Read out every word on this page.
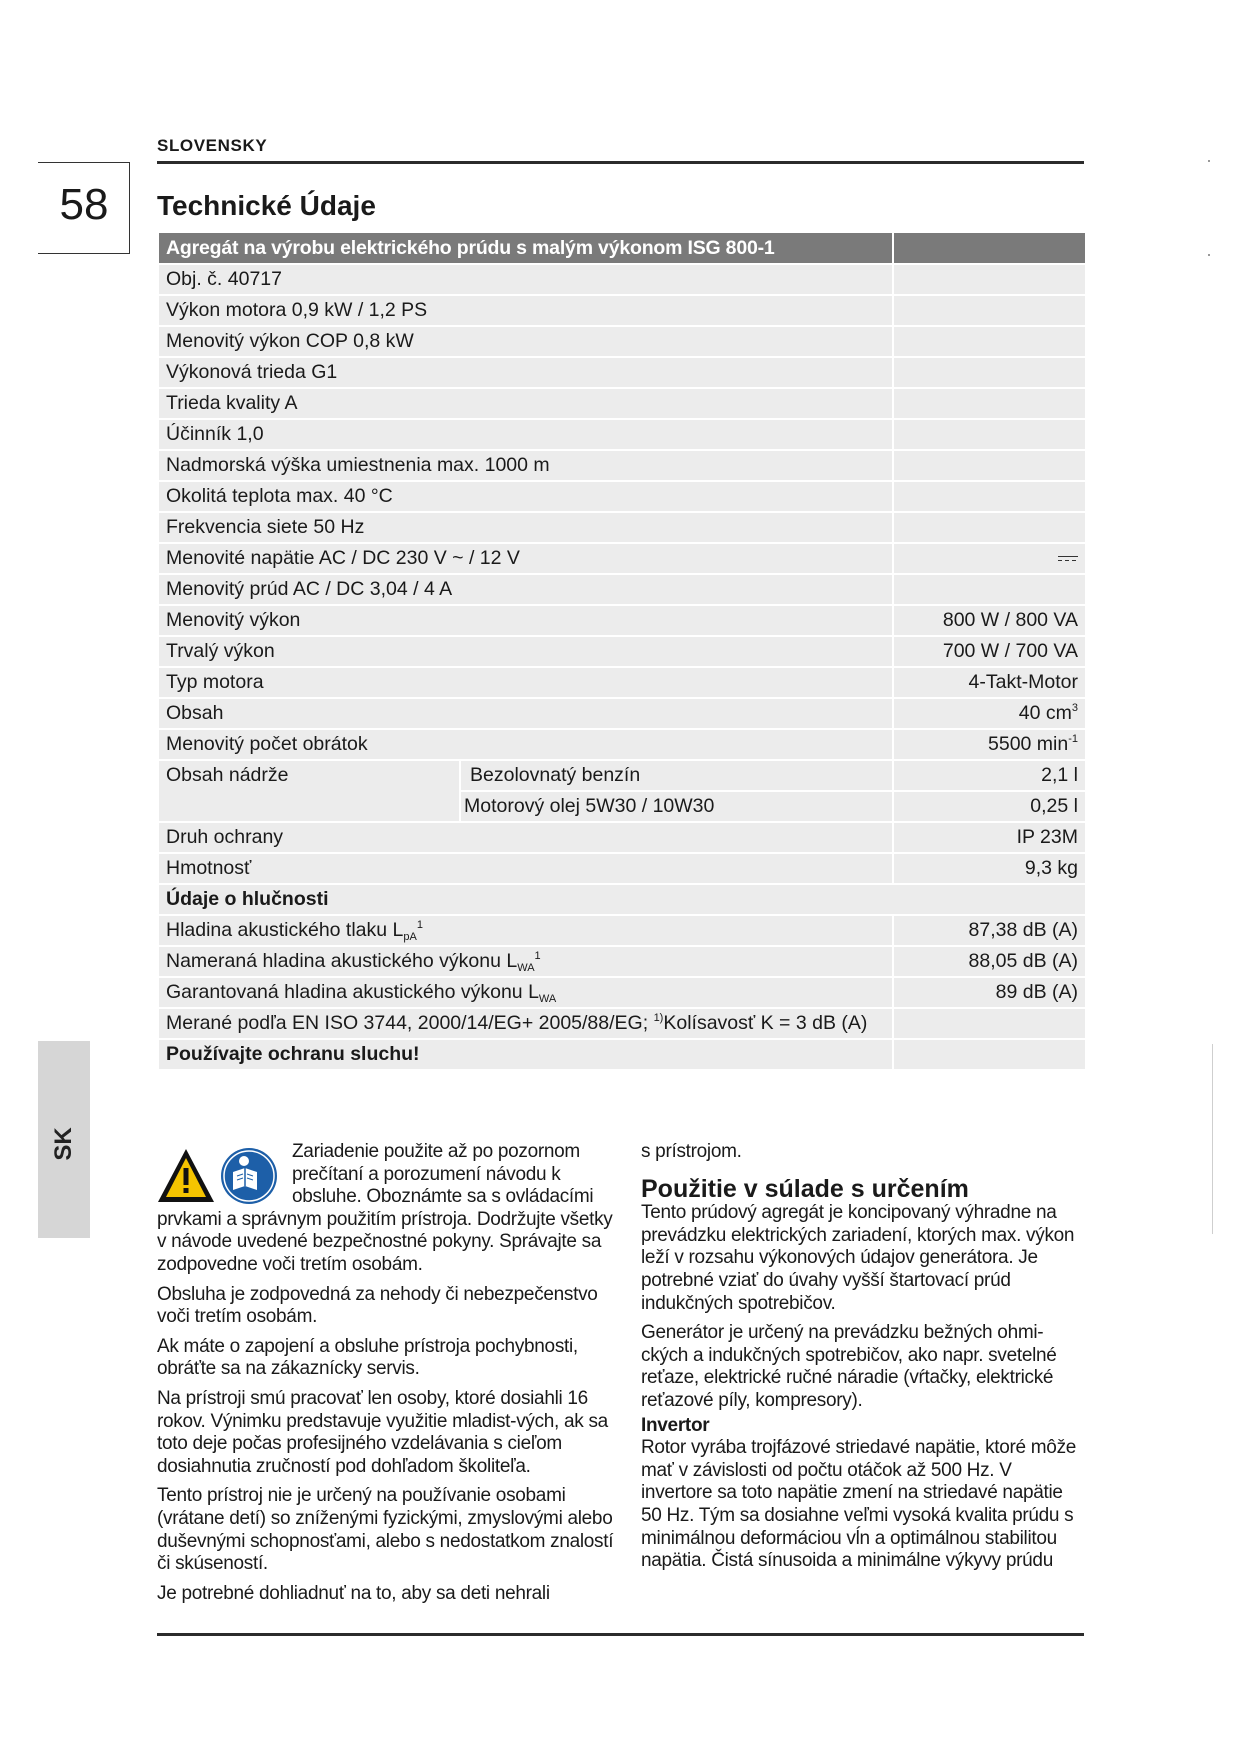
SLOVENSKY
58	Technické Údaje
Agregát na výrobu elektrického prúdu s malým výkonom ISG 800-1		
Obj. č. 40717		
Výkon motora 0,9 kW / 1,2 PS		
Menovitý výkon COP 0,8 kW		
Výkonová trieda G1		
Trieda kvality A		
Účinník 1,0		
Nadmorská výška umiestnenia max. 1000 m		
Okolitá teplota max. 40 °C		
Frekvencia siete 50 Hz		
Menovité napätie AC / DC 230 V ~ / 12 V		
Menovitý prúd AC / DC 3,04 / 4 A		
Menovitý výkon		800 W / 800 VA
Trvalý výkon		700 W / 700 VA
Typ motora		4-Takt-Motor
Obsah		40 $cm^3$
Menovitý počet obrátok		5500 $\min^{-1}$
Obsah nádrže	Bezolovnatý benzín	2,1 l
	Motorový olej 5W30 / 10W30	0,25 l
Druh ochrany		IP 23M
Hmotnosť		9,3 kg
Údaje o hlučnosti		
Hladina akustického tlaku $L_{pA}^1$		87,38 dB (A)
Nameraná hladina akustického výkonu $L_{WA}^1$		88,05 dB (A)
Garantovaná hladina akustického výkonu $L_{WA}$		89 dB (A)
Merané podľa EN ISO 3744, 2000/14/EG+ 2005/88/EG; $^{1)}$Kolísavosť K = 3 dB (A)		
Používajte ochranu sluchu!		
SK	Zariadenie použite až po pozornom
prečítaní a porozumení návodu k
obsluhe. Oboznámte sa s ovládacími

prvkami a správnym použitím prístroja. Dodržujte všetky v návode uvedené bezpečnostné pokyny. Správajte sa zodpovedne voči tretím osobám.

Obsluha je zodpovedná za nehody či nebezpečenstvo voči tretím osobám.

Ak máte o zapojení a obsluhe prístroja pochybnosti, obráťte sa na zákaznícky servis.

Na prístroji smú pracovať len osoby, ktoré dosiahli 16 rokov. Výnimku predstavuje využitie mladist-vých, ak sa toto deje počas profesijného vzdelávania s cieľom dosiahnutia zručností pod dohľadom školiteľa.

Tento prístroj nie je určený na používanie osobami (vrátane detí) so zníženými fyzickými, zmyslovými alebo duševnými schopnosťami, alebo s nedostatkom znalostí či skúseností.

Je potrebné dohliadnuť na to, aby sa deti nehrali

s prístrojom.

Použitie v súlade s určením

Tento prúdový agregát je koncipovaný výhradne na prevádzku elektrických zariadení, ktorých max. výkon leží v rozsahu výkonových údajov generátora. Je potrebné vziať do úvahy vyšší štartovací prúd indukčných spotrebičov.

Generátor je určený na prevádzku bežných ohmi-ckých a indukčných spotrebičov, ako napr. svetelné reťaze, elektrické ručné náradie (vŕtačky, elektrické reťazové píly, kompresory).

Invertor

Rotor vyrába trojfázové striedavé napätie, ktoré môže mať v závislosti od počtu otáčok až 500 Hz. V invertore sa toto napätie zmení na striedavé napätie 50 Hz. Tým sa dosiahne veľmi vysoká kvalita prúdu s minimálnou deformáciou vĺn a optimálnou stabilitou napätia. Čistá sínusoida a minimálne výkyvy prúdu
